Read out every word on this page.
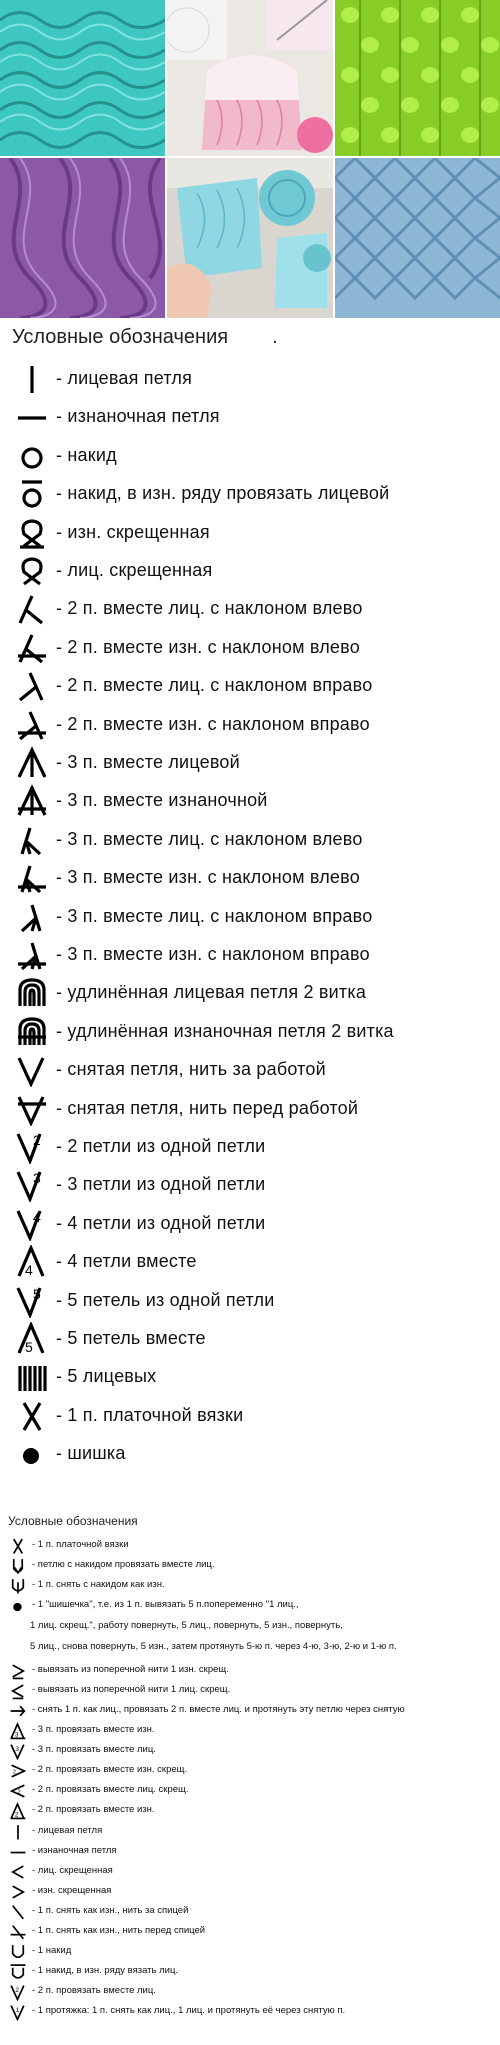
Условные обозначения .
- лицевая петля
- изнаночная петля
- накид
- накид, в изн. ряду провязать лицевой
- изн. скрещенная
- лиц. скрещенная
- 2 п. вместе лиц. с наклоном влево
- 2 п. вместе изн. с наклоном влево
- 2 п. вместе лиц. с наклоном вправо
- 2 п. вместе изн. с наклоном вправо
- 3 п. вместе лицевой
- 3 п. вместе изнаночной
- 3 п. вместе лиц. с наклоном влево
- 3 п. вместе изн. с наклоном влево
- 3 п. вместе лиц. с наклоном вправо
- 3 п. вместе изн. с наклоном вправо
- удлинённая лицевая петля 2 витка
- удлинённая изнаночная петля 2 витка
- снятая петля, нить за работой
- снятая петля, нить перед работой
2 - 2 петли из одной петли
3 - 3 петли из одной петли
4 - 4 петли из одной петли
4 - 4 петли вместе
5 - 5 петель из одной петли
5 - 5 петель вместе
- 5 лицевых
- 1 п. платочной вязки
- шишка
Условные обозначения
- 1 п. платочной вязки
- петлю с накидом провязать вместе лиц.
- 1 п. снять с накидом как изн.
- 1 "шишечка", т.е. из 1 п. вывязать 5 п.попеременно "1 лиц.,
1 лиц. скрещ.", работу повернуть, 5 лиц., повернуть, 5 изн., повернуть,
5 лиц., снова повернуть, 5 изн., затем протянуть 5-ю п. через 4-ю, 3-ю, 2-ю и 1-ю п.
- вывязать из поперечной нити 1 изн. скрещ.
- вывязать из поперечной нити 1 лиц. скрещ.
- снять 1 п. как лиц., провязать 2 п. вместе лиц. и протянуть эту петлю через снятую
3 - 3 п. провязать вместе изн.
3 - 3 п. провязать вместе лиц.
2 - 2 п. провязать вместе изн. скрещ.
2 - 2 п. провязать вместе лиц. скрещ.
2 - 2 п. провязать вместе изн.
- лицевая петля
- изнаночная петля
- лиц. скрещенная
- изн. скрещенная
- 1 п. снять как изн., нить за спицей
- 1 п. снять как изн., нить перед спицей
- 1 накид
- 1 накид, в изн. ряду вязать лиц.
2 - 2 п. провязать вместе лиц.
1 - 1 протяжка: 1 п. снять как лиц., 1 лиц. и протянуть её через снятую п.
